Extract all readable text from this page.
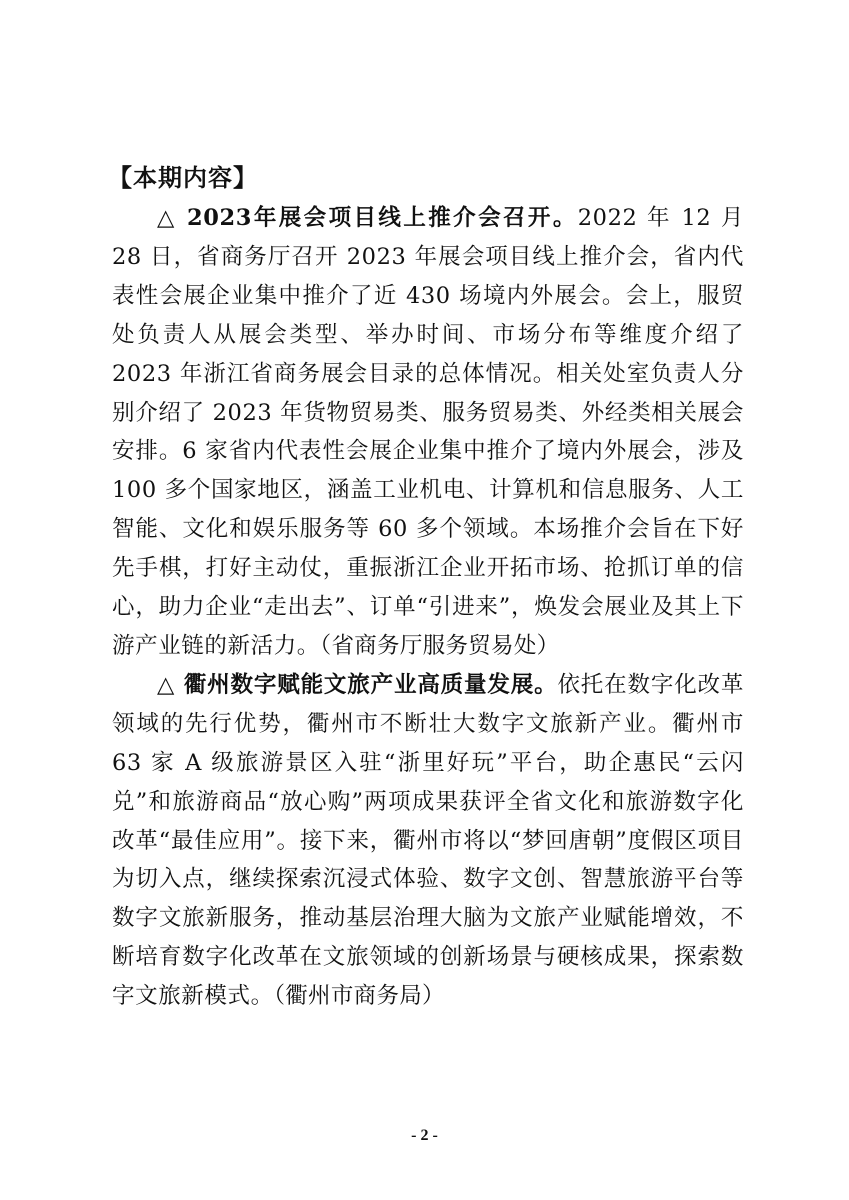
【本期内容】

△ 2023年展会项目线上推介会召开。2022 年 12 月 28 日，省商务厅召开 2023 年展会项目线上推介会，省内代表性会展企业集中推介了近 430 场境内外展会。会上，服贸处负责人从展会类型、举办时间、市场分布等维度介绍了 2023 年浙江省商务展会目录的总体情况。相关处室负责人分别介绍了 2023 年货物贸易类、服务贸易类、外经类相关展会安排。6 家省内代表性会展企业集中推介了境内外展会，涉及 100 多个国家地区，涵盖工业机电、计算机和信息服务、人工智能、文化和娱乐服务等 60 多个领域。本场推介会旨在下好先手棋，打好主动仗，重振浙江企业开拓市场、抢抓订单的信心，助力企业“走出去”、订单“引进来”，焕发会展业及其上下游产业链的新活力。（省商务厅服务贸易处）

△ 衢州数字赋能文旅产业高质量发展。依托在数字化改革领域的先行优势，衢州市不断壮大数字文旅新产业。衢州市 63 家 A 级旅游景区入驻“浙里好玩”平台，助企惠民“云闪兑”和旅游商品“放心购”两项成果获评全省文化和旅游数字化改革“最佳应用”。接下来，衢州市将以“梦回唐朝”度假区项目为切入点，继续探索沉浸式体验、数字文创、智慧旅游平台等数字文旅新服务，推动基层治理大脑为文旅产业赋能增效，不断培育数字化改革在文旅领域的创新场景与硬核成果，探索数字文旅新模式。（衢州市商务局）

- 2 -
